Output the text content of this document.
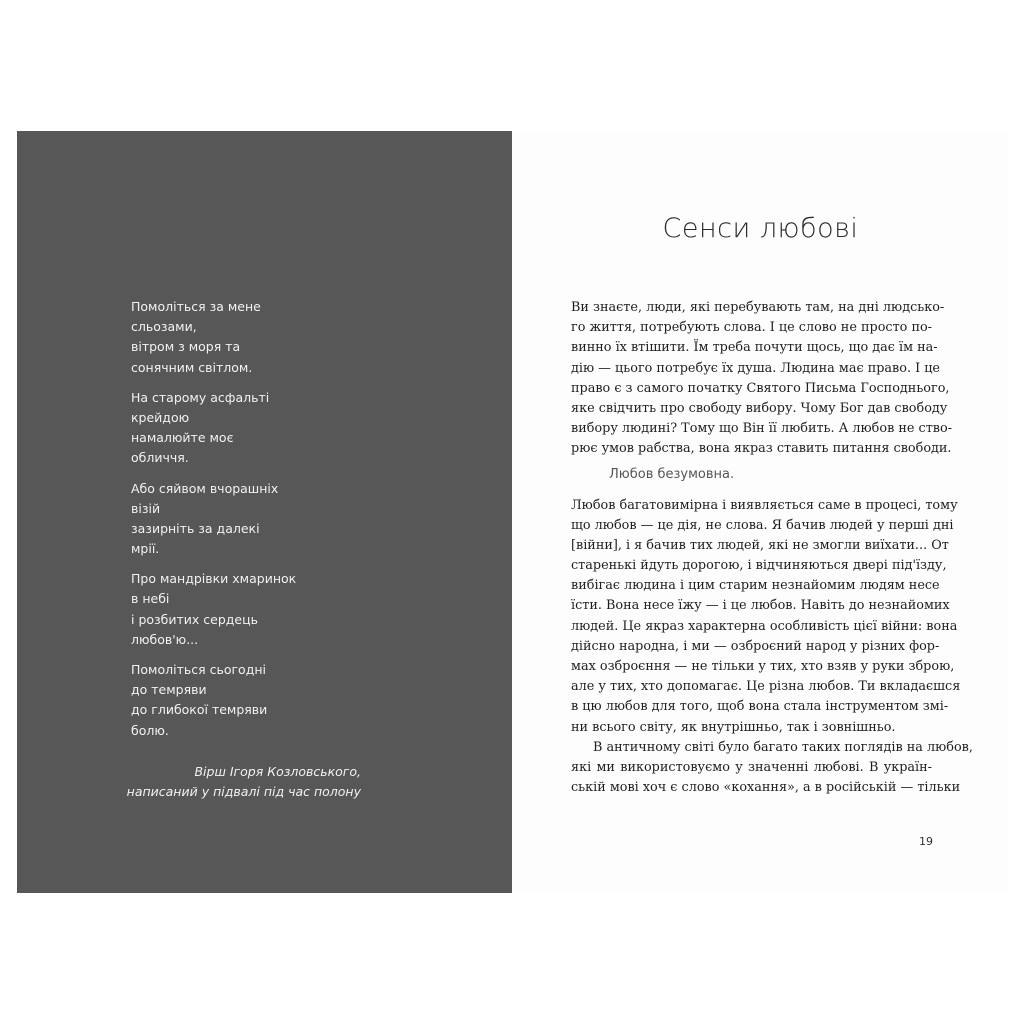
Помоліться за мене
сльозами,
вітром з моря та
сонячним світлом.
На старому асфальті
крейдою
намалюйте моє
обличчя.
Або сяйвом вчорашніх
візій
зазирніть за далекі
мрії.
Про мандрівки хмаринок
в небі
і розбитих сердець
любов'ю...
Помоліться сьогодні
до темряви
до глибокої темряви
болю.
Вірш Ігоря Козловського,
написаний у підвалі під час полону
Сенси любові
Ви знаєте, люди, які перебувають там, на дні людсько-
го життя, потребують слова. І це слово не просто по-
винно їх втішити. Їм треба почути щось, що дає їм на-
дію — цього потребує їх душа. Людина має право. І це
право є з самого початку Святого Письма Господнього,
яке свідчить про свободу вибору. Чому Бог дав свободу
вибору людині? Тому що Він її любить. А любов не ство-
рює умов рабства, вона якраз ставить питання свободи.
Любов безумовна.
Любов багатовимірна і виявляється саме в процесі, тому
що любов — це дія, не слова. Я бачив людей у перші дні
[війни], і я бачив тих людей, які не змогли виїхати... От
старенькі йдуть дорогою, і відчиняються двері під'їзду,
вибігає людина і цим старим незнайомим людям несе
їсти. Вона несе їжу — і це любов. Навіть до незнайомих
людей. Це якраз характерна особливість цієї війни: вона
дійсно народна, і ми — озброєний народ у різних фор-
мах озброєння — не тільки у тих, хто взяв у руки зброю,
але у тих, хто допомагає. Це різна любов. Ти вкладаєшся
в цю любов для того, щоб вона стала інструментом змі-
ни всього світу, як внутрішньо, так і зовнішньо.
В античному світі було багато таких поглядів на любов,
які ми використовуємо у значенні любові. В україн-
ській мові хоч є слово «кохання», а в російській — тільки
19
